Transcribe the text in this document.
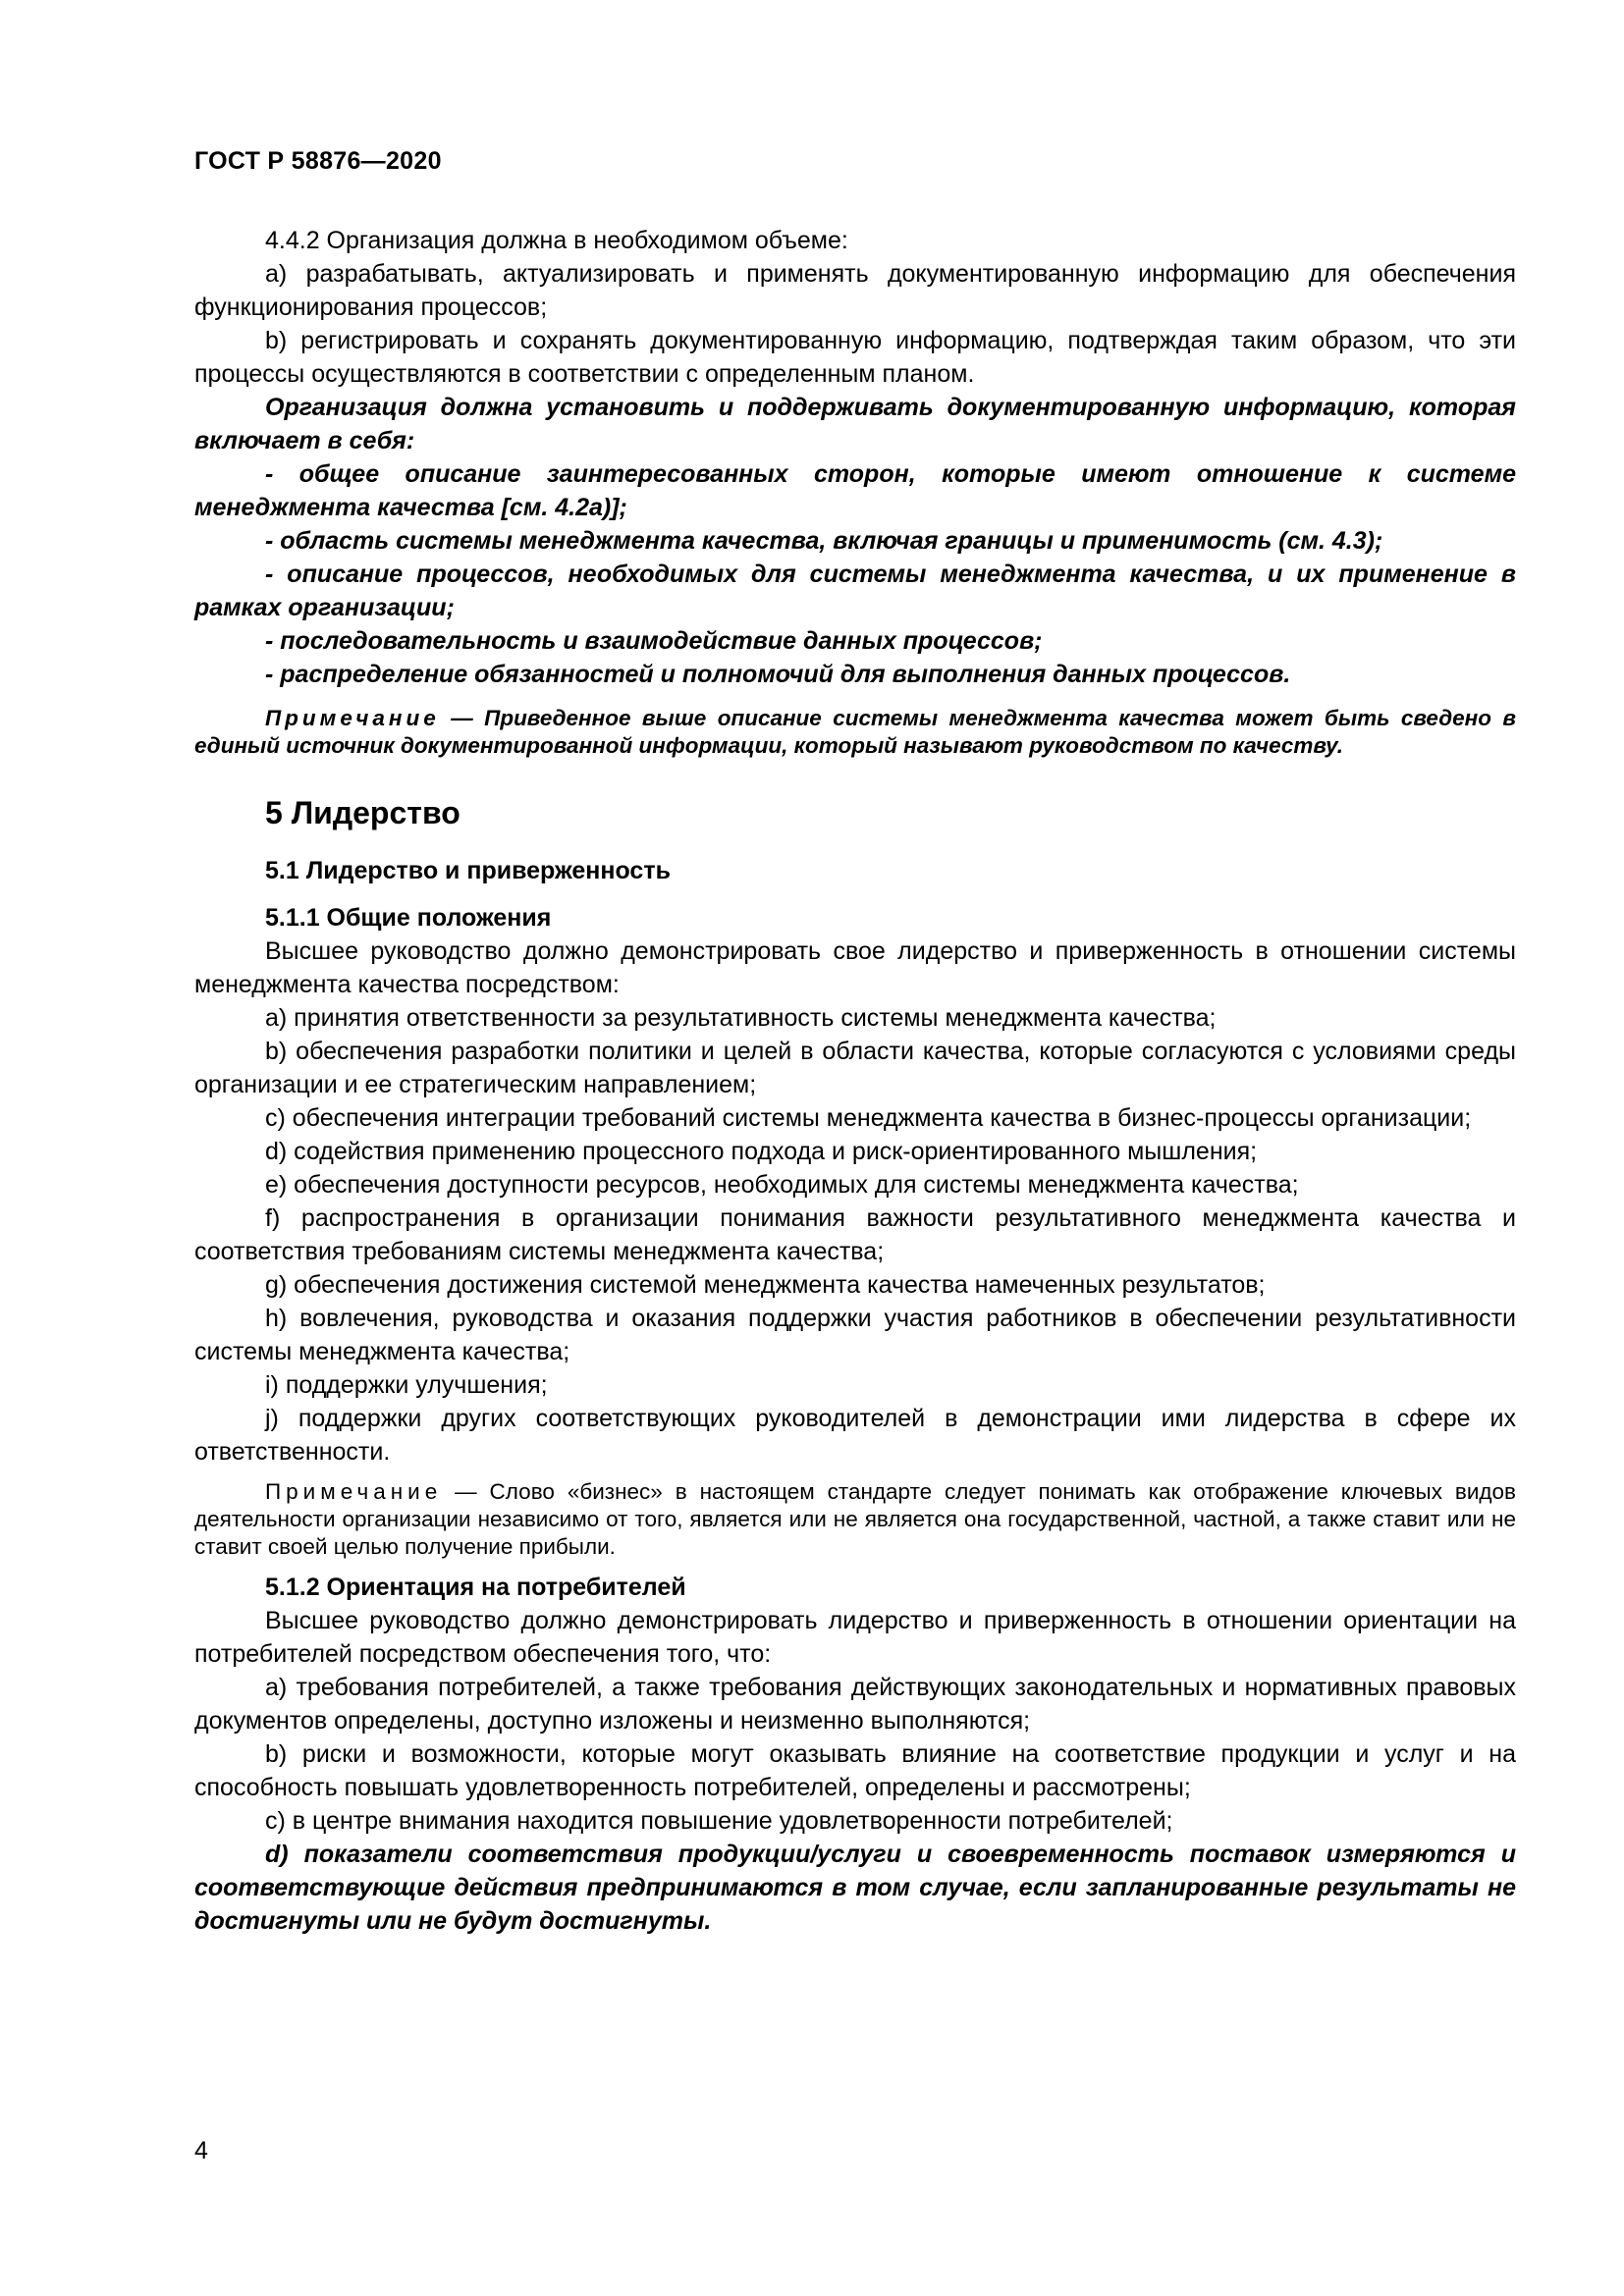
ГОСТ Р 58876—2020

4.4.2 Организация должна в необходимом объеме:

a) разрабатывать, актуализировать и применять документированную информацию для обеспечения функционирования процессов;

b) регистрировать и сохранять документированную информацию, подтверждая таким образом, что эти процессы осуществляются в соответствии с определенным планом.

Организация должна установить и поддерживать документированную информацию, которая включает в себя:

- общее описание заинтересованных сторон, которые имеют отношение к системе менеджмента качества [см. 4.2a)];

- область системы менеджмента качества, включая границы и применимость (см. 4.3);

- описание процессов, необходимых для системы менеджмента качества, и их применение в рамках организации;

- последовательность и взаимодействие данных процессов;

- распределение обязанностей и полномочий для выполнения данных процессов.

Примечание — Приведенное выше описание системы менеджмента качества может быть сведено в единый источник документированной информации, который называют руководством по качеству.

5 Лидерство
5.1 Лидерство и приверженность
5.1.1 Общие положения

Высшее руководство должно демонстрировать свое лидерство и приверженность в отношении системы менеджмента качества посредством:

a) принятия ответственности за результативность системы менеджмента качества;

b) обеспечения разработки политики и целей в области качества, которые согласуются с условиями среды организации и ее стратегическим направлением;

c) обеспечения интеграции требований системы менеджмента качества в бизнес-процессы организации;

d) содействия применению процессного подхода и риск-ориентированного мышления;

e) обеспечения доступности ресурсов, необходимых для системы менеджмента качества;

f) распространения в организации понимания важности результативного менеджмента качества и соответствия требованиям системы менеджмента качества;

g) обеспечения достижения системой менеджмента качества намеченных результатов;

h) вовлечения, руководства и оказания поддержки участия работников в обеспечении результативности системы менеджмента качества;

i) поддержки улучшения;

j) поддержки других соответствующих руководителей в демонстрации ими лидерства в сфере их ответственности.

Примечание — Слово «бизнес» в настоящем стандарте следует понимать как отображение ключевых видов деятельности организации независимо от того, является или не является она государственной, частной, а также ставит или не ставит своей целью получение прибыли.

5.1.2 Ориентация на потребителей

Высшее руководство должно демонстрировать лидерство и приверженность в отношении ориентации на потребителей посредством обеспечения того, что:

a) требования потребителей, а также требования действующих законодательных и нормативных правовых документов определены, доступно изложены и неизменно выполняются;

b) риски и возможности, которые могут оказывать влияние на соответствие продукции и услуг и на способность повышать удовлетворенность потребителей, определены и рассмотрены;

c) в центре внимания находится повышение удовлетворенности потребителей;

d) показатели соответствия продукции/услуги и своевременность поставок измеряются и соответствующие действия предпринимаются в том случае, если запланированные результаты не достигнуты или не будут достигнуты.

4
